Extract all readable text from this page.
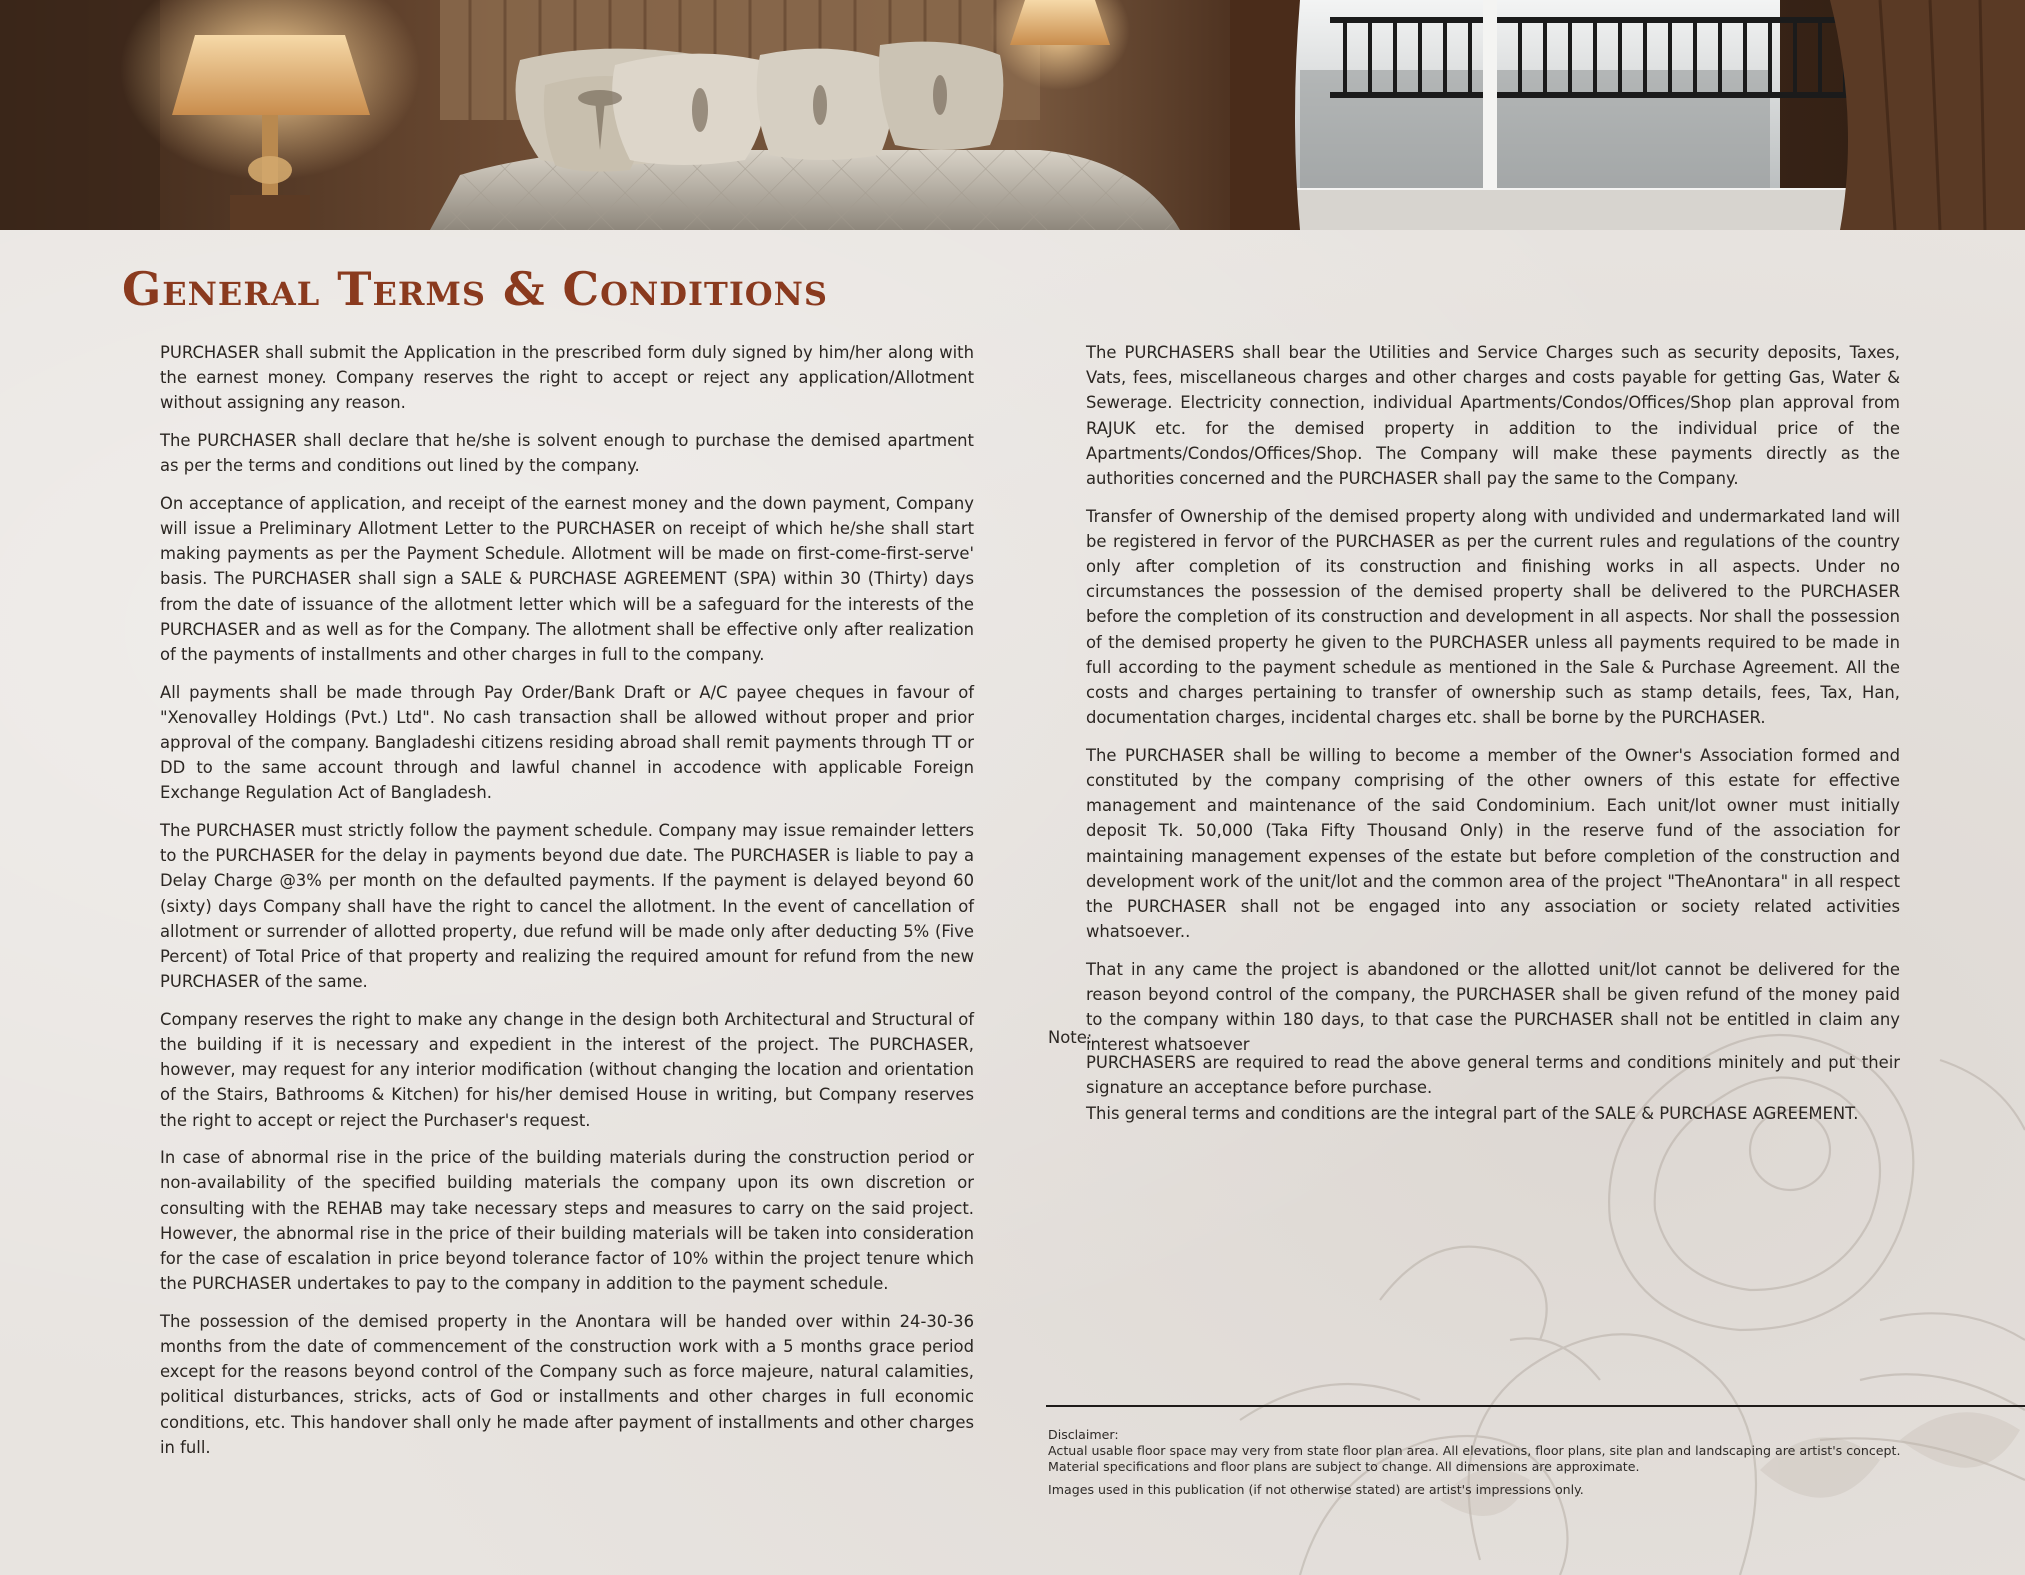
General Terms & Conditions

PURCHASER shall submit the Application in the prescribed form duly signed by him/her along with the earnest money. Company reserves the right to accept or reject any application/Allotment without assigning any reason.

The PURCHASER shall declare that he/she is solvent enough to purchase the demised apartment as per the terms and conditions out lined by the company.

On acceptance of application, and receipt of the earnest money and the down payment, Company will issue a Preliminary Allotment Letter to the PURCHASER on receipt of which he/she shall start making payments as per the Payment Schedule. Allotment will be made on first-come-first-serve' basis. The PURCHASER shall sign a SALE & PURCHASE AGREEMENT (SPA) within 30 (Thirty) days from the date of issuance of the allotment letter which will be a safeguard for the interests of the PURCHASER and as well as for the Company. The allotment shall be effective only after realization of the payments of installments and other charges in full to the company.

All payments shall be made through Pay Order/Bank Draft or A/C payee cheques in favour of "Xenovalley Holdings (Pvt.) Ltd". No cash transaction shall be allowed without proper and prior approval of the company. Bangladeshi citizens residing abroad shall remit payments through TT or DD to the same account through and lawful channel in accodence with applicable Foreign Exchange Regulation Act of Bangladesh.

The PURCHASER must strictly follow the payment schedule. Company may issue remainder letters to the PURCHASER for the delay in payments beyond due date. The PURCHASER is liable to pay a Delay Charge @3% per month on the defaulted payments. If the payment is delayed beyond 60 (sixty) days Company shall have the right to cancel the allotment. In the event of cancellation of allotment or surrender of allotted property, due refund will be made only after deducting 5% (Five Percent) of Total Price of that property and realizing the required amount for refund from the new PURCHASER of the same.

Company reserves the right to make any change in the design both Architectural and Structural of the building if it is necessary and expedient in the interest of the project. The PURCHASER, however, may request for any interior modification (without changing the location and orientation of the Stairs, Bathrooms & Kitchen) for his/her demised House in writing, but Company reserves the right to accept or reject the Purchaser's request.

In case of abnormal rise in the price of the building materials during the construction period or non-availability of the specified building materials the company upon its own discretion or consulting with the REHAB may take necessary steps and measures to carry on the said project. However, the abnormal rise in the price of their building materials will be taken into consideration for the case of escalation in price beyond tolerance factor of 10% within the project tenure which the PURCHASER undertakes to pay to the company in addition to the payment schedule.

The possession of the demised property in the Anontara will be handed over within 24-30-36 months from the date of commencement of the construction work with a 5 months grace period except for the reasons beyond control of the Company such as force majeure, natural calamities, political disturbances, stricks, acts of God or installments and other charges in full economic conditions, etc. This handover shall only he made after payment of installments and other charges in full.

The PURCHASERS shall bear the Utilities and Service Charges such as security deposits, Taxes, Vats, fees, miscellaneous charges and other charges and costs payable for getting Gas, Water & Sewerage. Electricity connection, individual Apartments/Condos/Offices/Shop plan approval from RAJUK etc. for the demised property in addition to the individual price of the Apartments/Condos/Offices/Shop. The Company will make these payments directly as the authorities concerned and the PURCHASER shall pay the same to the Company.

Transfer of Ownership of the demised property along with undivided and undermarkated land will be registered in fervor of the PURCHASER as per the current rules and regulations of the country only after completion of its construction and finishing works in all aspects. Under no circumstances the possession of the demised property shall be delivered to the PURCHASER before the completion of its construction and development in all aspects. Nor shall the possession of the demised property he given to the PURCHASER unless all payments required to be made in full according to the payment schedule as mentioned in the Sale & Purchase Agreement. All the costs and charges pertaining to transfer of ownership such as stamp details, fees, Tax, Han, documentation charges, incidental charges etc. shall be borne by the PURCHASER.

The PURCHASER shall be willing to become a member of the Owner's Association formed and constituted by the company comprising of the other owners of this estate for effective management and maintenance of the said Condominium. Each unit/lot owner must initially deposit Tk. 50,000 (Taka Fifty Thousand Only) in the reserve fund of the association for maintaining management expenses of the estate but before completion of the construction and development work of the unit/lot and the common area of the project "TheAnontara" in all respect the PURCHASER shall not be engaged into any association or society related activities whatsoever..

That in any came the project is abandoned or the allotted unit/lot cannot be delivered for the reason beyond control of the company, the PURCHASER shall be given refund of the money paid to the company within 180 days, to that case the PURCHASER shall not be entitled in claim any interest whatsoever

Note:

PURCHASERS are required to read the above general terms and conditions minitely and put their signature an acceptance before purchase.
This general terms and conditions are the integral part of the SALE & PURCHASE AGREEMENT.

Disclaimer:

Actual usable floor space may very from state floor plan area. All elevations, floor plans, site plan and landscaping are artist's concept.

Material specifications and floor plans are subject to change. All dimensions are approximate.

Images used in this publication (if not otherwise stated) are artist's impressions only.
